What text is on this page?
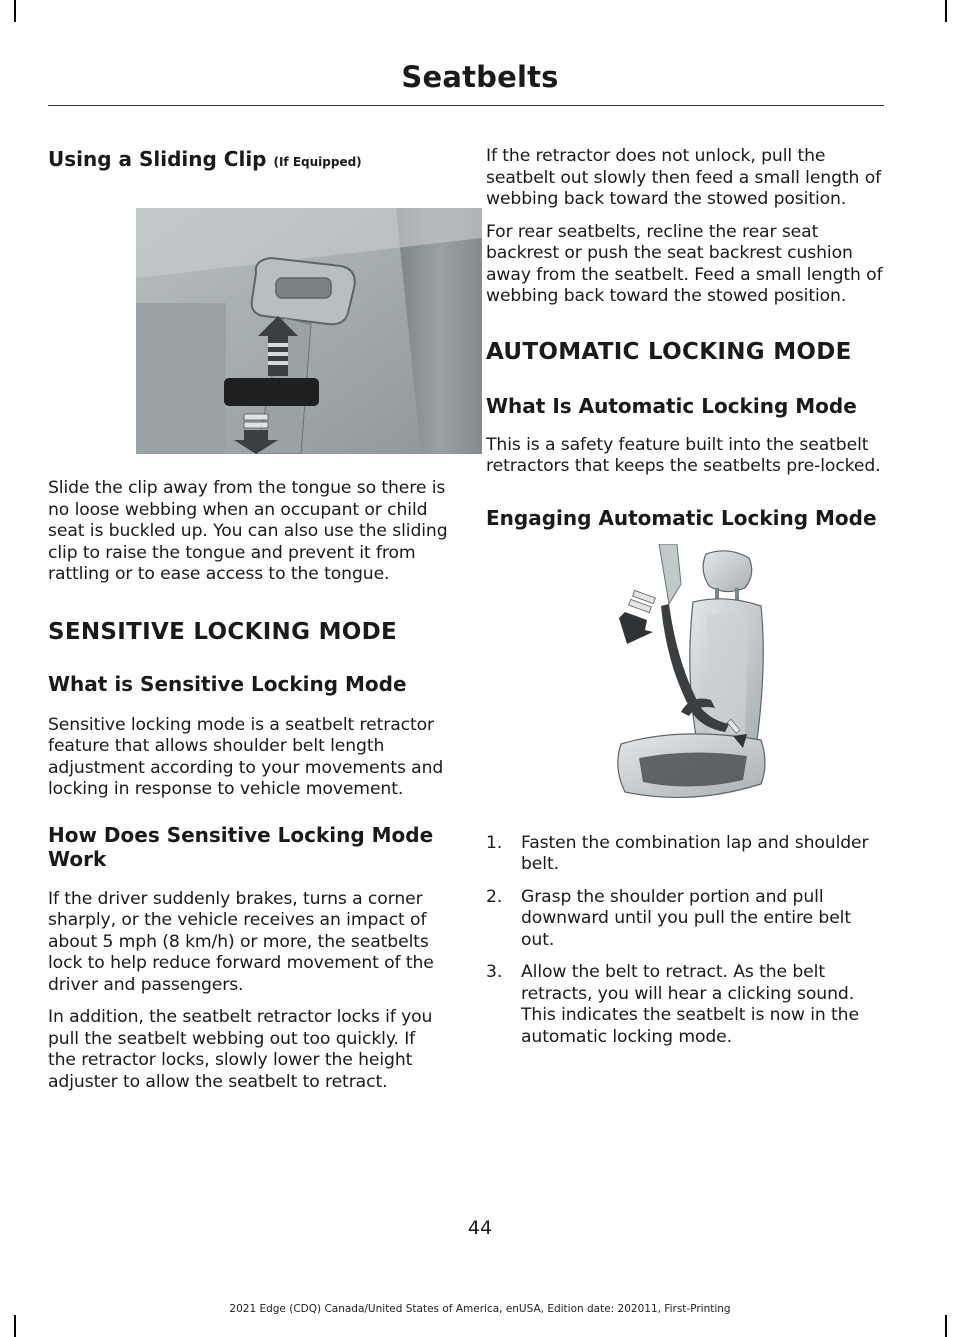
Seatbelts
Using a Sliding Clip (If Equipped)

Slide the clip away from the tongue so there is no loose webbing when an occupant or child seat is buckled up. You can also use the sliding clip to raise the tongue and prevent it from rattling or to ease access to the tongue.

SENSITIVE LOCKING MODE
What is Sensitive Locking Mode

Sensitive locking mode is a seatbelt retractor feature that allows shoulder belt length adjustment according to your movements and locking in response to vehicle movement.

How Does Sensitive Locking Mode Work

If the driver suddenly brakes, turns a corner sharply, or the vehicle receives an impact of about 5 mph (8 km/h) or more, the seatbelts lock to help reduce forward movement of the driver and passengers.

In addition, the seatbelt retractor locks if you pull the seatbelt webbing out too quickly. If the retractor locks, slowly lower the height adjuster to allow the seatbelt to retract.

If the retractor does not unlock, pull the seatbelt out slowly then feed a small length of webbing back toward the stowed position.

For rear seatbelts, recline the rear seat backrest or push the seat backrest cushion away from the seatbelt. Feed a small length of webbing back toward the stowed position.

AUTOMATIC LOCKING MODE
What Is Automatic Locking Mode

This is a safety feature built into the seatbelt retractors that keeps the seatbelts pre-locked.

Engaging Automatic Locking Mode
1. Fasten the combination lap and shoulder belt.
2. Grasp the shoulder portion and pull downward until you pull the entire belt out.
3. Allow the belt to retract. As the belt retracts, you will hear a clicking sound. This indicates the seatbelt is now in the automatic locking mode.
44
2021 Edge (CDQ) Canada/United States of America, enUSA, Edition date: 202011, First-Printing
